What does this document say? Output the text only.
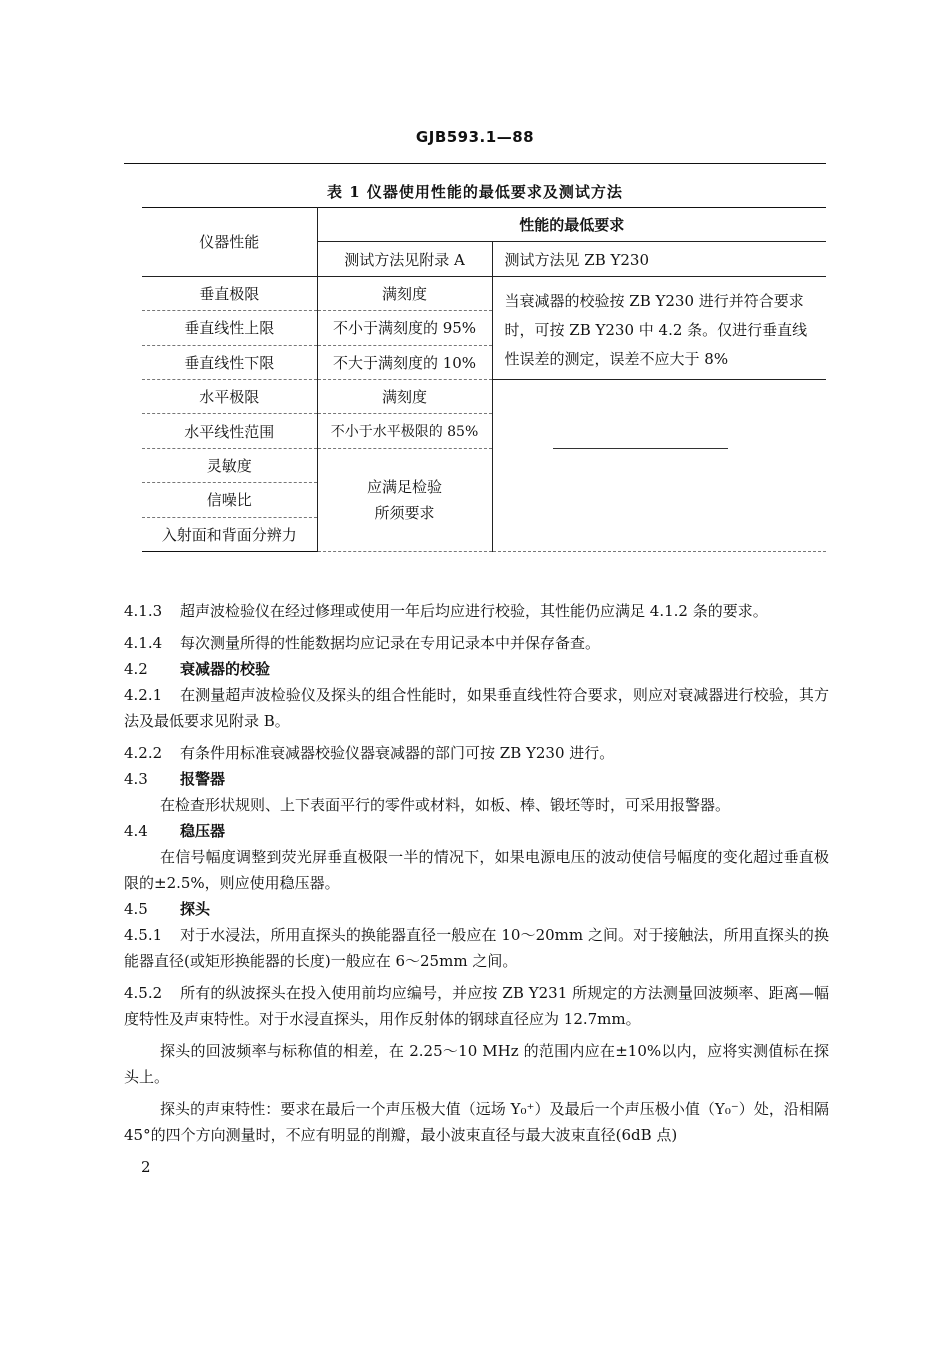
GJB593.1—88
表 1 仪器使用性能的最低要求及测试方法
仪器性能	性能的最低要求	
	测试方法见附录 A	测试方法见 ZB Y230
垂直极限	满刻度	当衰减器的校验按 ZB Y230 进行并符合要求时，可按 ZB Y230 中 4.2 条。仅进行垂直线性误差的测定，误差不应大于 8%
垂直线性上限	不小于满刻度的 95%	
垂直线性下限	不大于满刻度的 10%	
水平极限	满刻度	

水平线性范围	不小于水平极限的 85%	
灵敏度	应满足检验
所须要求	

信噪比		
入射面和背面分辨力		

4.1.3 超声波检验仪在经过修理或使用一年后均应进行校验，其性能仍应满足 4.1.2 条的要求。

4.1.4 每次测量所得的性能数据均应记录在专用记录本中并保存备查。

4.2 衰减器的校验

4.2.1 在测量超声波检验仪及探头的组合性能时，如果垂直线性符合要求，则应对衰减器进行校验，其方法及最低要求见附录 B。

4.2.2 有条件用标准衰减器校验仪器衰减器的部门可按 ZB Y230 进行。

4.3 报警器

在检查形状规则、上下表面平行的零件或材料，如板、棒、锻坯等时，可采用报警器。

4.4 稳压器

在信号幅度调整到荧光屏垂直极限一半的情况下，如果电源电压的波动使信号幅度的变化超过垂直极限的±2.5%，则应使用稳压器。

4.5 探头

4.5.1 对于水浸法，所用直探头的换能器直径一般应在 10～20mm 之间。对于接触法，所用直探头的换能器直径(或矩形换能器的长度)一般应在 6～25mm 之间。

4.5.2 所有的纵波探头在投入使用前均应编号，并应按 ZB Y231 所规定的方法测量回波频率、距离—幅度特性及声束特性。对于水浸直探头，用作反射体的钢球直径应为 12.7mm。

探头的回波频率与标称值的相差，在 2.25～10 MHz 的范围内应在±10%以内，应将实测值标在探头上。

探头的声束特性：要求在最后一个声压极大值（远场 Y₀⁺）及最后一个声压极小值（Y₀⁻）处，沿相隔 45°的四个方向测量时，不应有明显的削瓣，最小波束直径与最大波束直径(6dB 点)

2
